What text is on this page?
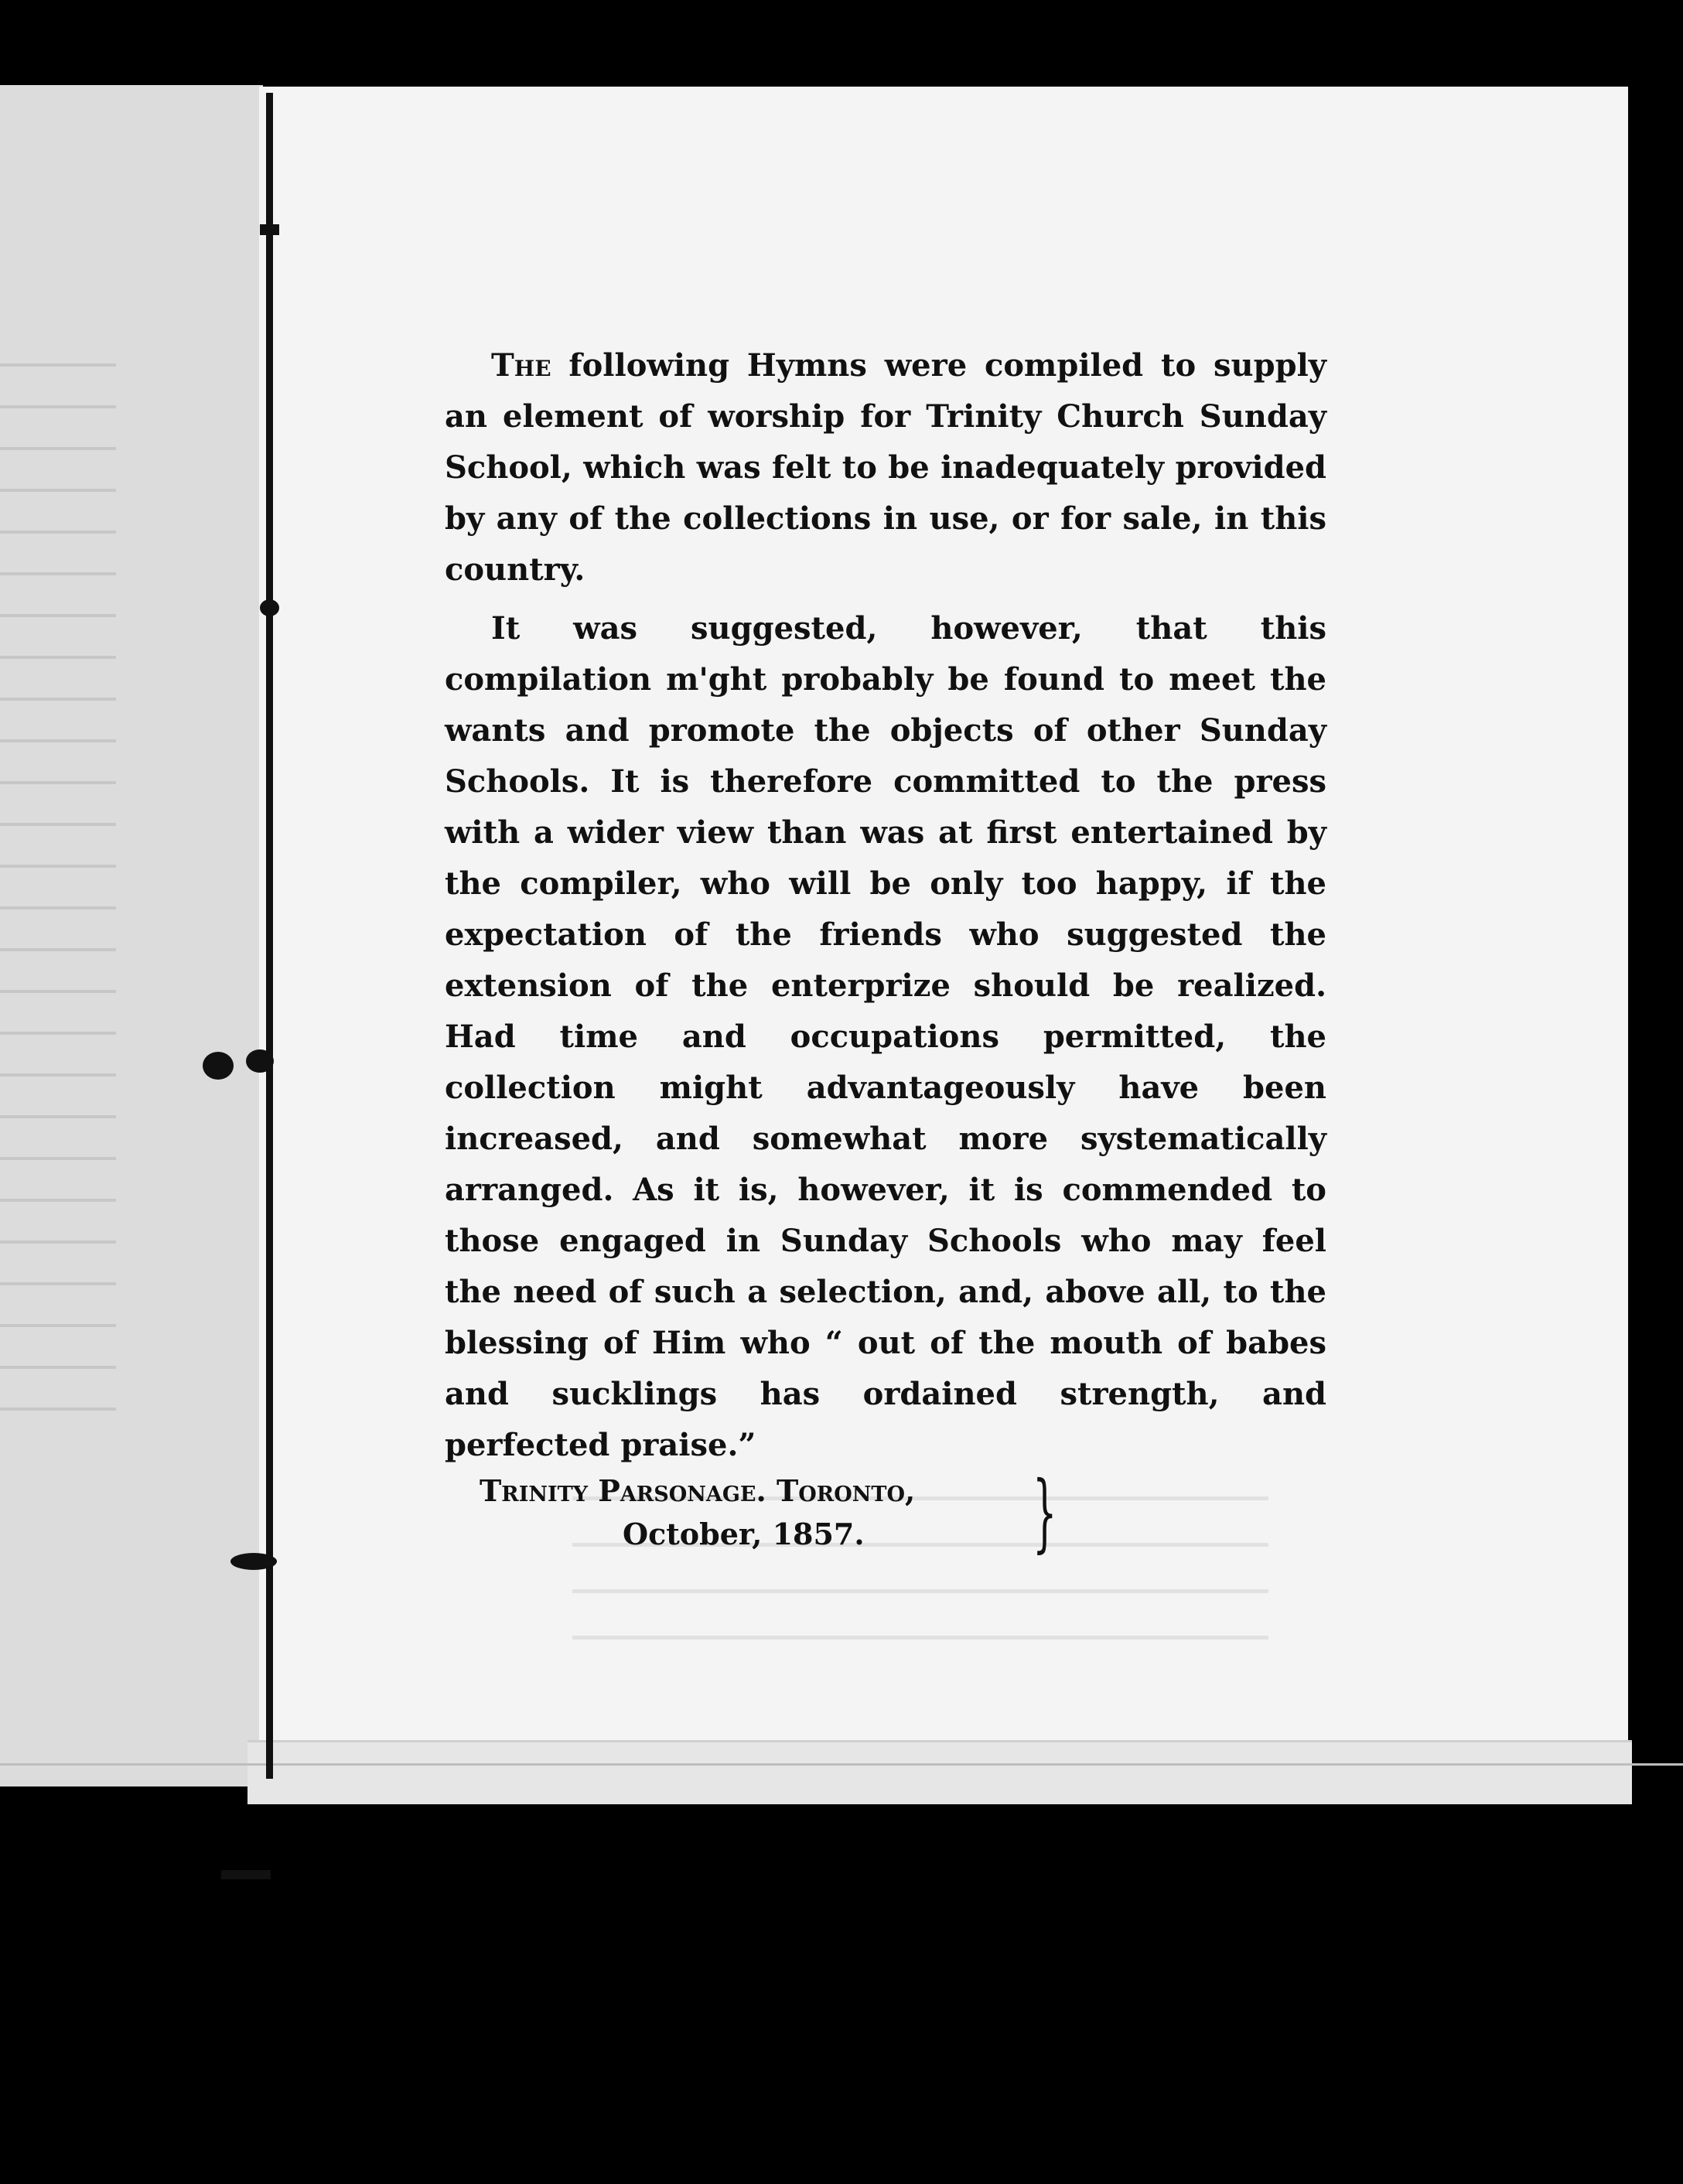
The following Hymns were compiled to supply an element of worship for Trinity Church Sunday School, which was felt to be inadequately provided by any of the collections in use, or for sale, in this country.

It was suggested, however, that this compilation m'ght probably be found to meet the wants and promote the objects of other Sunday Schools. It is therefore committed to the press with a wider view than was at first entertained by the compiler, who will be only too happy, if the expectation of the friends who suggested the extension of the enterprize should be realized. Had time and occupations permitted, the collection might advantageously have been increased, and somewhat more systematically arranged. As it is, however, it is commended to those engaged in Sunday Schools who may feel the need of such a selection, and, above all, to the blessing of Him who “ out of the mouth of babes and sucklings has ordained strength, and perfected praise.”

Trinity Parsonage. Toronto,
October, 1857.	}
